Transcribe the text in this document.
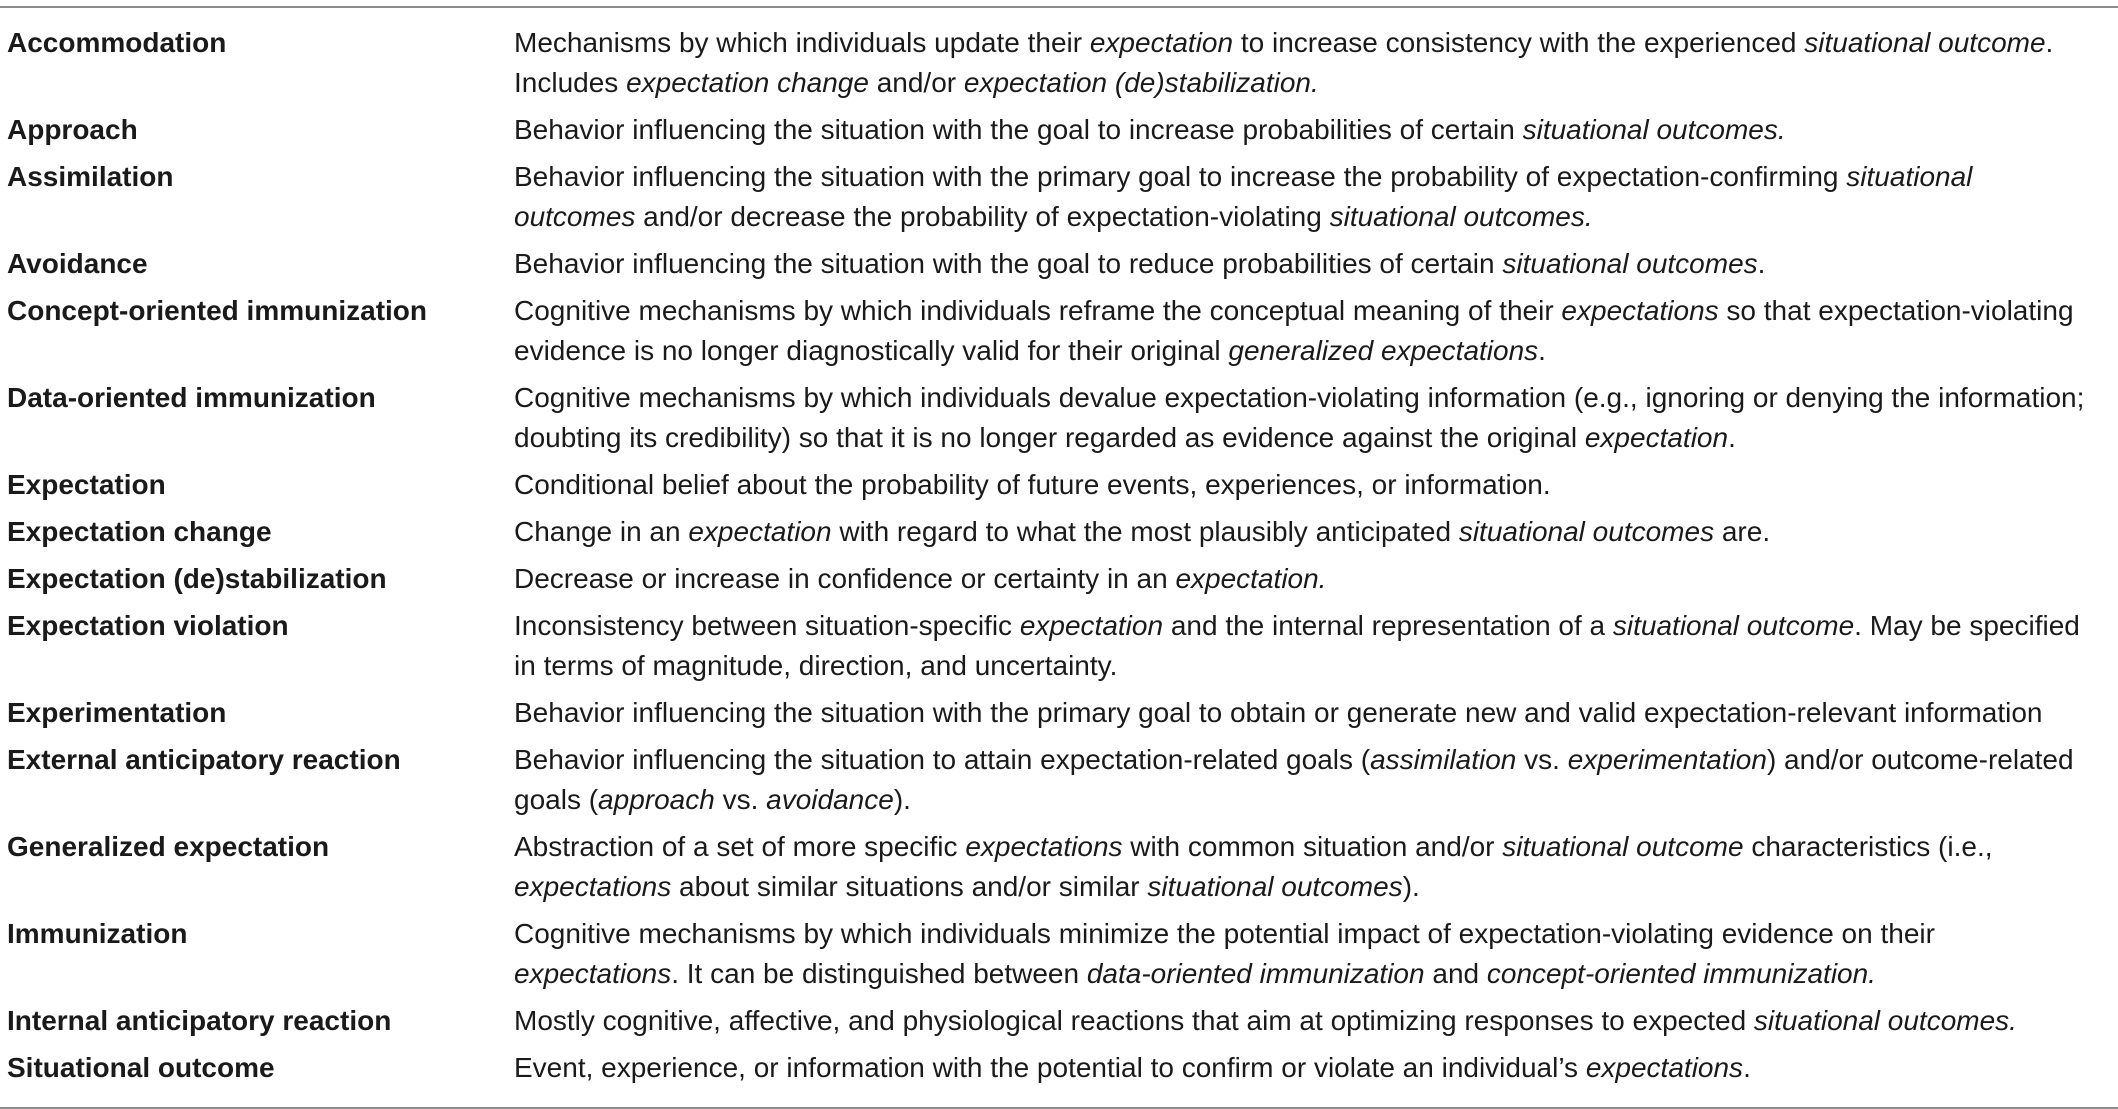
Accommodation	Mechanisms by which individuals update their expectation to increase consistency with the experienced situational outcome. Includes expectation change and/or expectation (de)stabilization.
Approach	Behavior influencing the situation with the goal to increase probabilities of certain situational outcomes.
Assimilation	Behavior influencing the situation with the primary goal to increase the probability of expectation-confirming situational outcomes and/or decrease the probability of expectation-violating situational outcomes.
Avoidance	Behavior influencing the situation with the goal to reduce probabilities of certain situational outcomes.
Concept-oriented immunization	Cognitive mechanisms by which individuals reframe the conceptual meaning of their expectations so that expectation-violating evidence is no longer diagnostically valid for their original generalized expectations.
Data-oriented immunization	Cognitive mechanisms by which individuals devalue expectation-violating information (e.g., ignoring or denying the information; doubting its credibility) so that it is no longer regarded as evidence against the original expectation.
Expectation	Conditional belief about the probability of future events, experiences, or information.
Expectation change	Change in an expectation with regard to what the most plausibly anticipated situational outcomes are.
Expectation (de)stabilization	Decrease or increase in confidence or certainty in an expectation.
Expectation violation	Inconsistency between situation-specific expectation and the internal representation of a situational outcome. May be specified in terms of magnitude, direction, and uncertainty.
Experimentation	Behavior influencing the situation with the primary goal to obtain or generate new and valid expectation-relevant information
External anticipatory reaction	Behavior influencing the situation to attain expectation-related goals (assimilation vs. experimentation) and/or outcome-related goals (approach vs. avoidance).
Generalized expectation	Abstraction of a set of more specific expectations with common situation and/or situational outcome characteristics (i.e., expectations about similar situations and/or similar situational outcomes).
Immunization	Cognitive mechanisms by which individuals minimize the potential impact of expectation-violating evidence on their expectations. It can be distinguished between data-oriented immunization and concept-oriented immunization.
Internal anticipatory reaction	Mostly cognitive, affective, and physiological reactions that aim at optimizing responses to expected situational outcomes.
Situational outcome	Event, experience, or information with the potential to confirm or violate an individual’s expectations.
